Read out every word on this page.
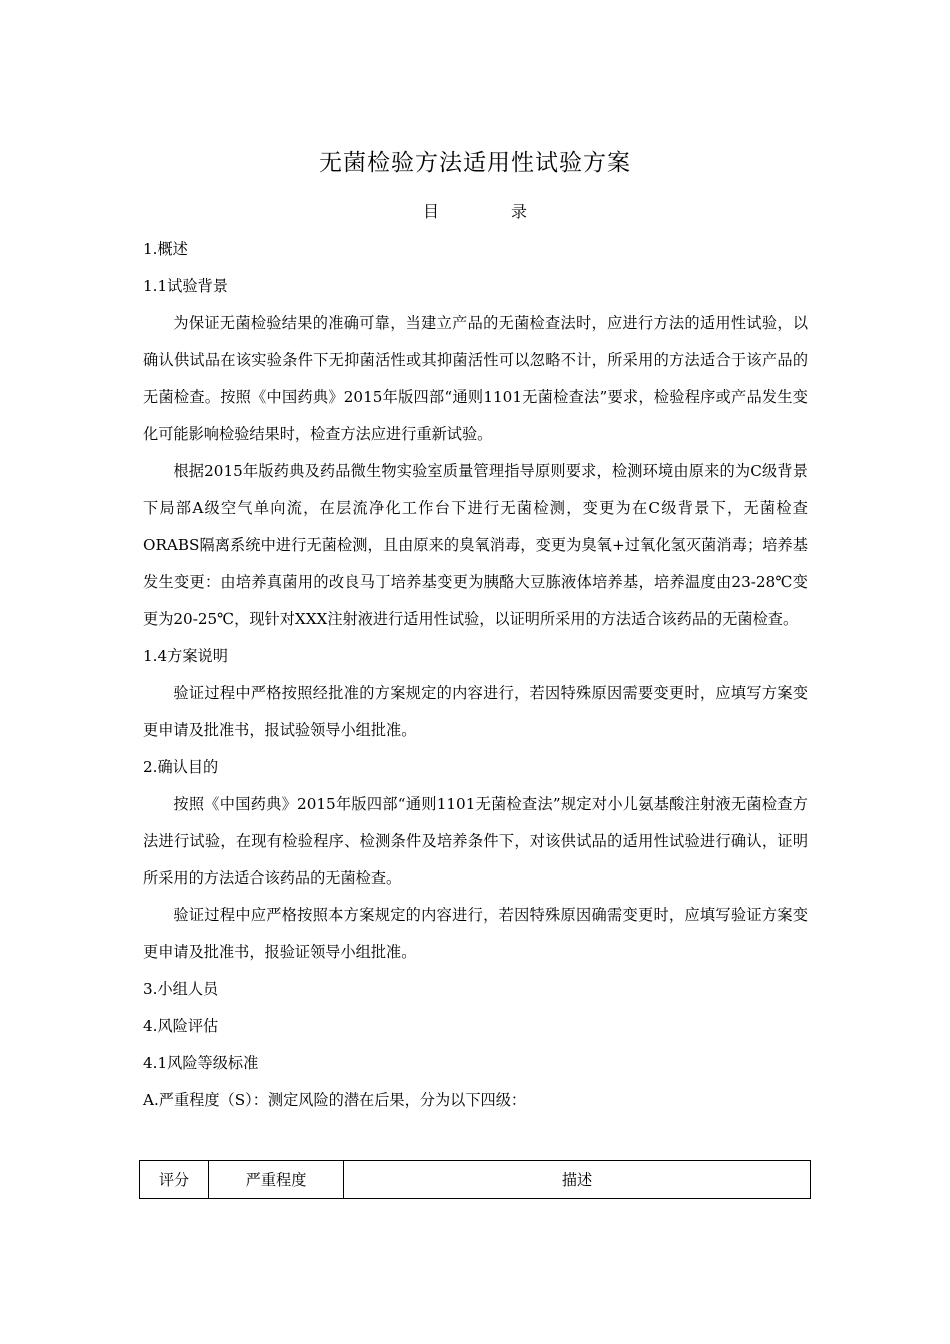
无菌检验方法适用性试验方案
目	录

1.概述

1.1试验背景

为保证无菌检验结果的准确可靠，当建立产品的无菌检查法时，应进行方法的适用性试验，以确认供试品在该实验条件下无抑菌活性或其抑菌活性可以忽略不计，所采用的方法适合于该产品的无菌检查。按照《中国药典》2015年版四部“通则1101无菌检查法”要求，检验程序或产品发生变化可能影响检验结果时，检查方法应进行重新试验。

根据2015年版药典及药品微生物实验室质量管理指导原则要求，检测环境由原来的为C级背景下局部A级空气单向流，在层流净化工作台下进行无菌检测，变更为在C级背景下，无菌检查ORABS隔离系统中进行无菌检测，且由原来的臭氧消毒，变更为臭氧+过氧化氢灭菌消毒；培养基发生变更：由培养真菌用的改良马丁培养基变更为胰酪大豆胨液体培养基，培养温度由23-28℃变更为20-25℃，现针对XXX注射液进行适用性试验，以证明所采用的方法适合该药品的无菌检查。

1.4方案说明

验证过程中严格按照经批准的方案规定的内容进行，若因特殊原因需要变更时，应填写方案变更申请及批准书，报试验领导小组批准。

2.确认目的

按照《中国药典》2015年版四部“通则1101无菌检查法”规定对小儿氨基酸注射液无菌检查方法进行试验，在现有检验程序、检测条件及培养条件下，对该供试品的适用性试验进行确认，证明所采用的方法适合该药品的无菌检查。

验证过程中应严格按照本方案规定的内容进行，若因特殊原因确需变更时，应填写验证方案变更申请及批准书，报验证领导小组批准。

3.小组人员

4.风险评估

4.1风险等级标准

A.严重程度（S）：测定风险的潜在后果，分为以下四级：

评分	严重程度	描述
